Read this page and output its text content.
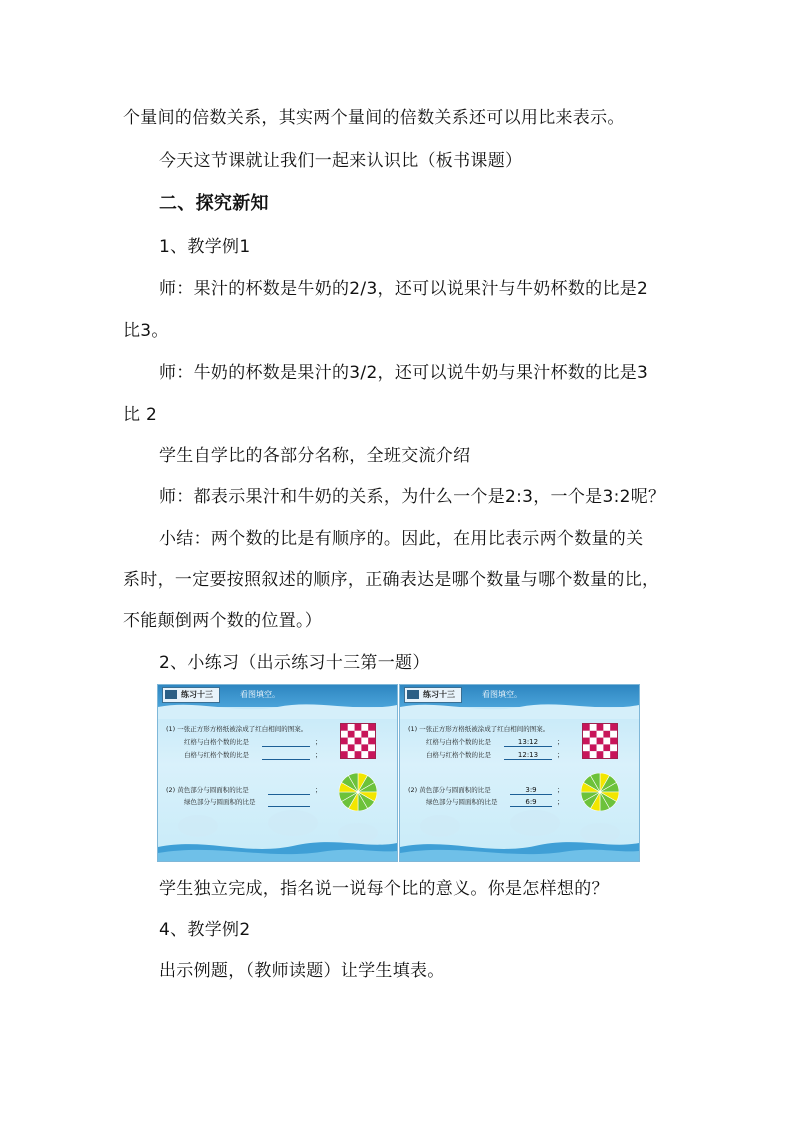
个量间的倍数关系，其实两个量间的倍数关系还可以用比来表示。
今天这节课就让我们一起来认识比（板书课题）
二、探究新知
1、教学例1
师：果汁的杯数是牛奶的2/3，还可以说果汁与牛奶杯数的比是2
比3。
师：牛奶的杯数是果汁的3/2，还可以说牛奶与果汁杯数的比是3
比 2
学生自学比的各部分名称，全班交流介绍
师：都表示果汁和牛奶的关系，为什么一个是2:3，一个是3:2呢？
小结：两个数的比是有顺序的。因此，在用比表示两个数量的关
系时，一定要按照叙述的顺序，正确表达是哪个数量与哪个数量的比，
不能颠倒两个数的位置。）
2、小练习（出示练习十三第一题）
练习十三	看图填空。
(1) 一张正方形方格纸被涂成了红白相间的图案。
红格与白格个数的比是	；
白格与红格个数的比是	；
(2) 黄色部分与圆面积的比是	；
绿色部分与圆面积的比是
练习十三	看图填空。
(1) 一张正方形方格纸被涂成了红白相间的图案。
红格与白格个数的比是	13:12	；
白格与红格个数的比是	12:13	；
(2) 黄色部分与圆面积的比是	3:9	；
绿色部分与圆面积的比是	6:9	；
学生独立完成，指名说一说每个比的意义。你是怎样想的？
4、教学例2
出示例题，（教师读题）让学生填表。
